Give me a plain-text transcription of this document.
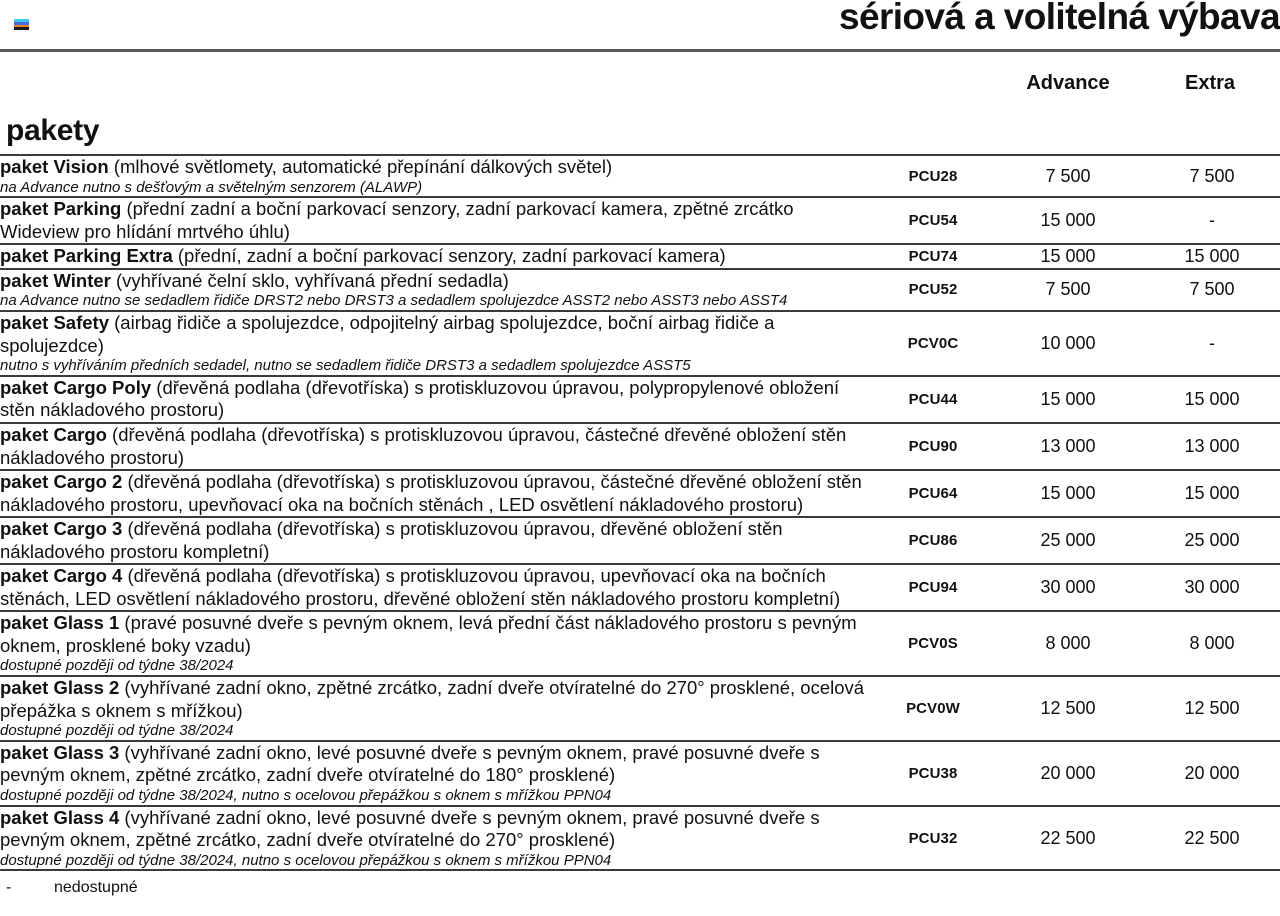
sériová a volitelná výbava
pakety
Advance	Extra
paket Vision (mlhové světlomety, automatické přepínání dálkových světel)
na Advance nutno s dešťovým a světelným senzorem (ALAWP)	PCU28	7 500	7 500
paket Parking (přední zadní a boční parkovací senzory, zadní parkovací kamera, zpětné zrcátko Wideview pro hlídání mrtvého úhlu)	PCU54	15 000	-
paket Parking Extra (přední, zadní a boční parkovací senzory, zadní parkovací kamera)	PCU74	15 000	15 000
paket Winter (vyhřívané čelní sklo, vyhřívaná přední sedadla)
na Advance nutno se sedadlem řidiče DRST2 nebo DRST3 a sedadlem spolujezdce ASST2 nebo ASST3 nebo ASST4	PCU52	7 500	7 500
paket Safety (airbag řidiče a spolujezdce, odpojitelný airbag spolujezdce, boční airbag řidiče a spolujezdce)
nutno s vyhříváním předních sedadel, nutno se sedadlem řidiče DRST3 a sedadlem spolujezdce ASST5	PCV0C	10 000	-
paket Cargo Poly (dřevěná podlaha (dřevotříska) s protiskluzovou úpravou, polypropylenové obložení stěn nákladového prostoru)	PCU44	15 000	15 000
paket Cargo (dřevěná podlaha (dřevotříska) s protiskluzovou úpravou, částečné dřevěné obložení stěn nákladového prostoru)	PCU90	13 000	13 000
paket Cargo 2 (dřevěná podlaha (dřevotříska) s protiskluzovou úpravou, částečné dřevěné obložení stěn nákladového prostoru, upevňovací oka na bočních stěnách , LED osvětlení nákladového prostoru)	PCU64	15 000	15 000
paket Cargo 3 (dřevěná podlaha (dřevotříska) s protiskluzovou úpravou, dřevěné obložení stěn nákladového prostoru kompletní)	PCU86	25 000	25 000
paket Cargo 4 (dřevěná podlaha (dřevotříska) s protiskluzovou úpravou, upevňovací oka na bočních stěnách, LED osvětlení nákladového prostoru, dřevěné obložení stěn nákladového prostoru kompletní)	PCU94	30 000	30 000
paket Glass 1 (pravé posuvné dveře s pevným oknem, levá přední část nákladového prostoru s pevným oknem, prosklené boky vzadu)
dostupné později od týdne 38/2024	PCV0S	8 000	8 000
paket Glass 2 (vyhřívané zadní okno, zpětné zrcátko, zadní dveře otvíratelné do 270° prosklené, ocelová přepážka s oknem s mřížkou)
dostupné později od týdne 38/2024	PCV0W	12 500	12 500
paket Glass 3 (vyhřívané zadní okno, levé posuvné dveře s pevným oknem, pravé posuvné dveře s pevným oknem, zpětné zrcátko, zadní dveře otvíratelné do 180° prosklené)
dostupné později od týdne 38/2024, nutno s ocelovou přepážkou s oknem s mřížkou PPN04	PCU38	20 000	20 000
paket Glass 4 (vyhřívané zadní okno, levé posuvné dveře s pevným oknem, pravé posuvné dveře s pevným oknem, zpětné zrcátko, zadní dveře otvíratelné do 270° prosklené)
dostupné později od týdne 38/2024, nutno s ocelovou přepážkou s oknem s mřížkou PPN04	PCU32	22 500	22 500
-	nedostupné
